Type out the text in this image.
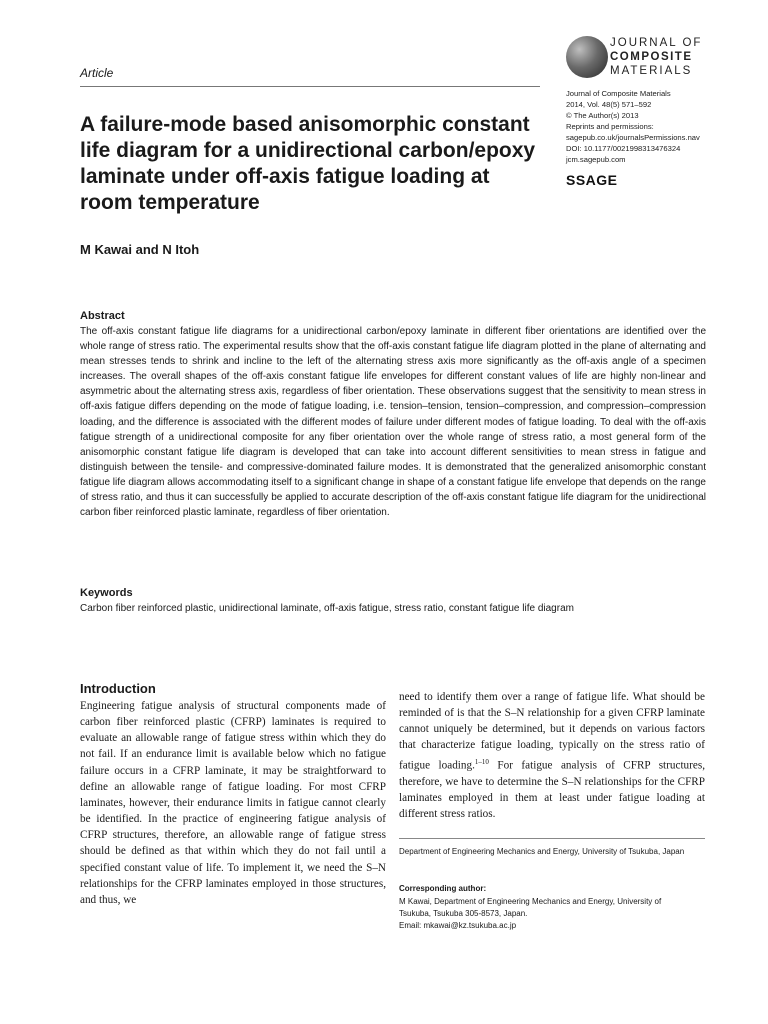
Article
JOURNAL OF
COMPOSITE
MATERIALS
Journal of Composite Materials
2014, Vol. 48(5) 571–592
© The Author(s) 2013
Reprints and permissions:
sagepub.co.uk/journalsPermissions.nav
DOI: 10.1177/0021998313476324
jcm.sagepub.com
SSAGE
A failure-mode based anisomorphic constant life diagram for a unidirectional carbon/epoxy laminate under off-axis fatigue loading at room temperature
M Kawai and N Itoh
Abstract

The off-axis constant fatigue life diagrams for a unidirectional carbon/epoxy laminate in different fiber orientations are identified over the whole range of stress ratio. The experimental results show that the off-axis constant fatigue life diagram plotted in the plane of alternating and mean stresses tends to shrink and incline to the left of the alternating stress axis more significantly as the off-axis angle of a specimen increases. The overall shapes of the off-axis constant fatigue life envelopes for different constant values of life are highly non-linear and asymmetric about the alternating stress axis, regardless of fiber orientation. These observations suggest that the sensitivity to mean stress in off-axis fatigue differs depending on the mode of fatigue loading, i.e. tension–tension, tension–compression, and compression–compression loading, and the difference is associated with the different modes of failure under different modes of fatigue loading. To deal with the off-axis fatigue strength of a unidirectional composite for any fiber orientation over the whole range of stress ratio, a most general form of the anisomorphic constant fatigue life diagram is developed that can take into account different sensitivities to mean stress in fatigue and distinguish between the tensile- and compressive-dominated failure modes. It is demonstrated that the generalized anisomorphic constant fatigue life diagram allows accommodating itself to a significant change in shape of a constant fatigue life envelope that depends on the range of stress ratio, and thus it can successfully be applied to accurate description of the off-axis constant fatigue life diagram for the unidirectional carbon fiber reinforced plastic laminate, regardless of fiber orientation.

Keywords
Carbon fiber reinforced plastic, unidirectional laminate, off-axis fatigue, stress ratio, constant fatigue life diagram
Introduction

Engineering fatigue analysis of structural components made of carbon fiber reinforced plastic (CFRP) laminates is required to evaluate an allowable range of fatigue stress within which they do not fail. If an endurance limit is available below which no fatigue failure occurs in a CFRP laminate, it may be straightforward to define an allowable range of fatigue loading. For most CFRP laminates, however, their endurance limits in fatigue cannot clearly be identified. In the practice of engineering fatigue analysis of CFRP structures, therefore, an allowable range of fatigue stress should be defined as that within which they do not fail until a specified constant value of life. To implement it, we need the S–N relationships for the CFRP laminates employed in those structures, and thus, we

need to identify them over a range of fatigue life. What should be reminded of is that the S–N relationship for a given CFRP laminate cannot uniquely be determined, but it depends on various factors that characterize fatigue loading, typically on the stress ratio of fatigue loading.$^{1-10}$ For fatigue analysis of CFRP structures, therefore, we have to determine the S–N relationships for the CFRP laminates employed in them at least under fatigue loading at different stress ratios.

Department of Engineering Mechanics and Energy, University of Tsukuba, Japan
Corresponding author:
M Kawai, Department of Engineering Mechanics and Energy, University of
Tsukuba, Tsukuba 305-8573, Japan.
Email: mkawai@kz.tsukuba.ac.jp
